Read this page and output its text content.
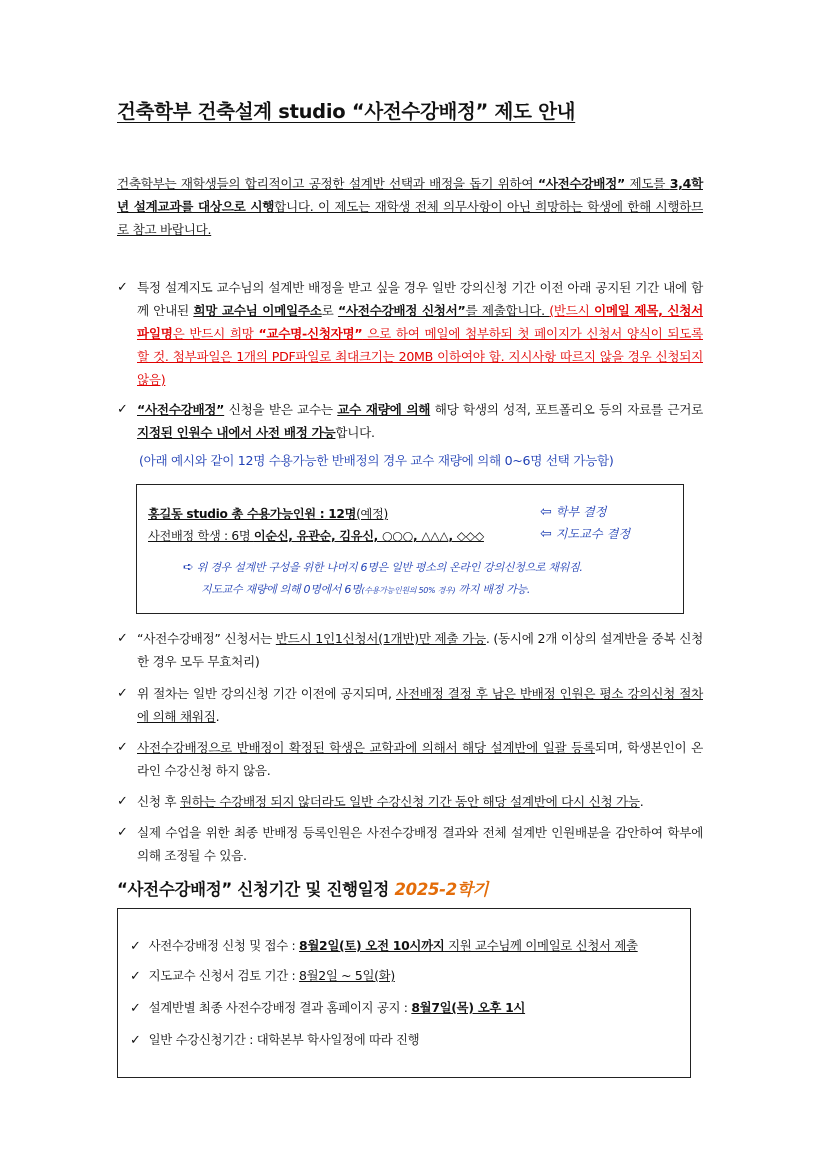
건축학부 건축설계 studio “사전수강배정” 제도 안내
건축학부는 재학생들의 합리적이고 공정한 설계반 선택과 배정을 돕기 위하여 “사전수강배정” 제도를 3,4학년 설계교과를 대상으로 시행합니다. 이 제도는 재학생 전체 의무사항이 아닌 희망하는 학생에 한해 시행하므로 참고 바랍니다.
✓ 특정 설계지도 교수님의 설계반 배정을 받고 싶을 경우 일반 강의신청 기간 이전 아래 공지된 기간 내에 함께 안내된 희망 교수님 이메일주소로 “사전수강배정 신청서”를 제출합니다. (반드시 이메일 제목, 신청서파일명은 반드시 희망 “교수명-신청자명” 으로 하여 메일에 첨부하되 첫 페이지가 신청서 양식이 되도록 할 것. 첨부파일은 1개의 PDF파일로 최대크기는 20MB 이하여야 함. 지시사항 따르지 않을 경우 신청되지 않음)
✓ “사전수강배정” 신청을 받은 교수는 교수 재량에 의해 해당 학생의 성적, 포트폴리오 등의 자료를 근거로 지정된 인원수 내에서 사전 배정 가능합니다.
(아래 예시와 같이 12명 수용가능한 반배정의 경우 교수 재량에 의해 0~6명 선택 가능함)
홍길동 studio 총 수용가능인원 : 12명(예정)	⇦ 학부 결정
사전배정 학생 : 6명 이순신, 유관순, 김유신, ○○○, △△△, ◇◇◇	⇦ 지도교수 결정
➪ 위 경우 설계반 구성을 위한 나머지 6명은 일반 평소의 온라인 강의신청으로 채워짐.
지도교수 재량에 의해 0명에서 6명(수용가능인원의 50% 경우) 까지 배정 가능.
✓ “사전수강배정” 신청서는 반드시 1인1신청서(1개반)만 제출 가능. (동시에 2개 이상의 설계반을 중복 신청한 경우 모두 무효처리)
✓ 위 절차는 일반 강의신청 기간 이전에 공지되며, 사전배정 결정 후 남은 반배정 인원은 평소 강의신청 절차에 의해 채워짐.
✓ 사전수강배정으로 반배정이 확정된 학생은 교학과에 의해서 해당 설계반에 일괄 등록되며, 학생본인이 온라인 수강신청 하지 않음.
✓ 신청 후 원하는 수강배정 되지 않더라도 일반 수강신청 기간 동안 해당 설계반에 다시 신청 가능.
✓ 실제 수업을 위한 최종 반배정 등록인원은 사전수강배정 결과와 전체 설계반 인원배분을 감안하여 학부에 의해 조정될 수 있음.
“사전수강배정” 신청기간 및 진행일정 2025-2학기
✓ 사전수강배정 신청 및 접수 : 8월2일(토) 오전 10시까지 지원 교수님께 이메일로 신청서 제출
✓ 지도교수 신청서 검토 기간 : 8월2일 ~ 5일(화)
✓ 설계반별 최종 사전수강배정 결과 홈페이지 공지 : 8월7일(목) 오후 1시
✓ 일반 수강신청기간 : 대학본부 학사일정에 따라 진행
